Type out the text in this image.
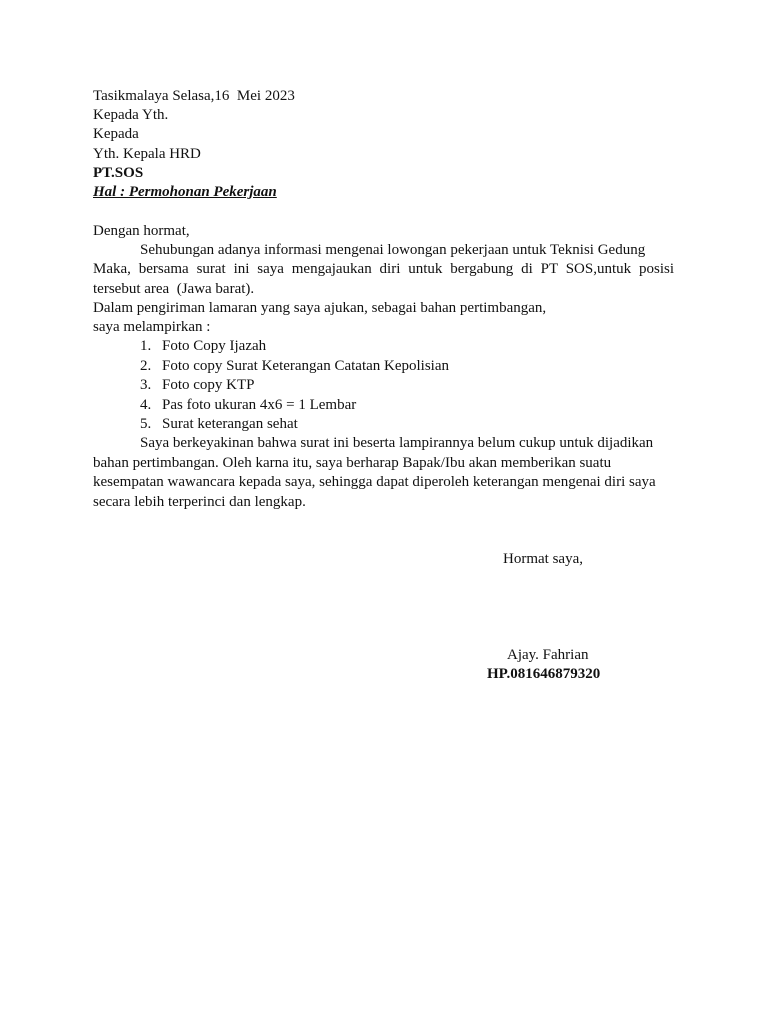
Tasikmalaya Selasa,16  Mei 2023
Kepada Yth.
Kepada
Yth. Kepala HRD
PT.SOS
Hal : Permohonan Pekerjaan
Dengan hormat,
Sehubungan adanya informasi mengenai lowongan pekerjaan untuk Teknisi Gedung
Maka, bersama surat ini saya mengajaukan diri untuk bergabung di PT SOS,untuk posisi
tersebut area  (Jawa barat).
Dalam pengiriman lamaran yang saya ajukan, sebagai bahan pertimbangan,
saya melampirkan :
1. Foto Copy Ijazah
2. Foto copy Surat Keterangan Catatan Kepolisian
3. Foto copy KTP
4. Pas foto ukuran 4x6 = 1 Lembar
5. Surat keterangan sehat
Saya berkeyakinan bahwa surat ini beserta lampirannya belum cukup untuk dijadikan
bahan pertimbangan. Oleh karna itu, saya berharap Bapak/Ibu akan memberikan suatu
kesempatan wawancara kepada saya, sehingga dapat diperoleh keterangan mengenai diri saya
secara lebih terperinci dan lengkap.
Hormat saya,
Ajay. Fahrian
HP.081646879320
